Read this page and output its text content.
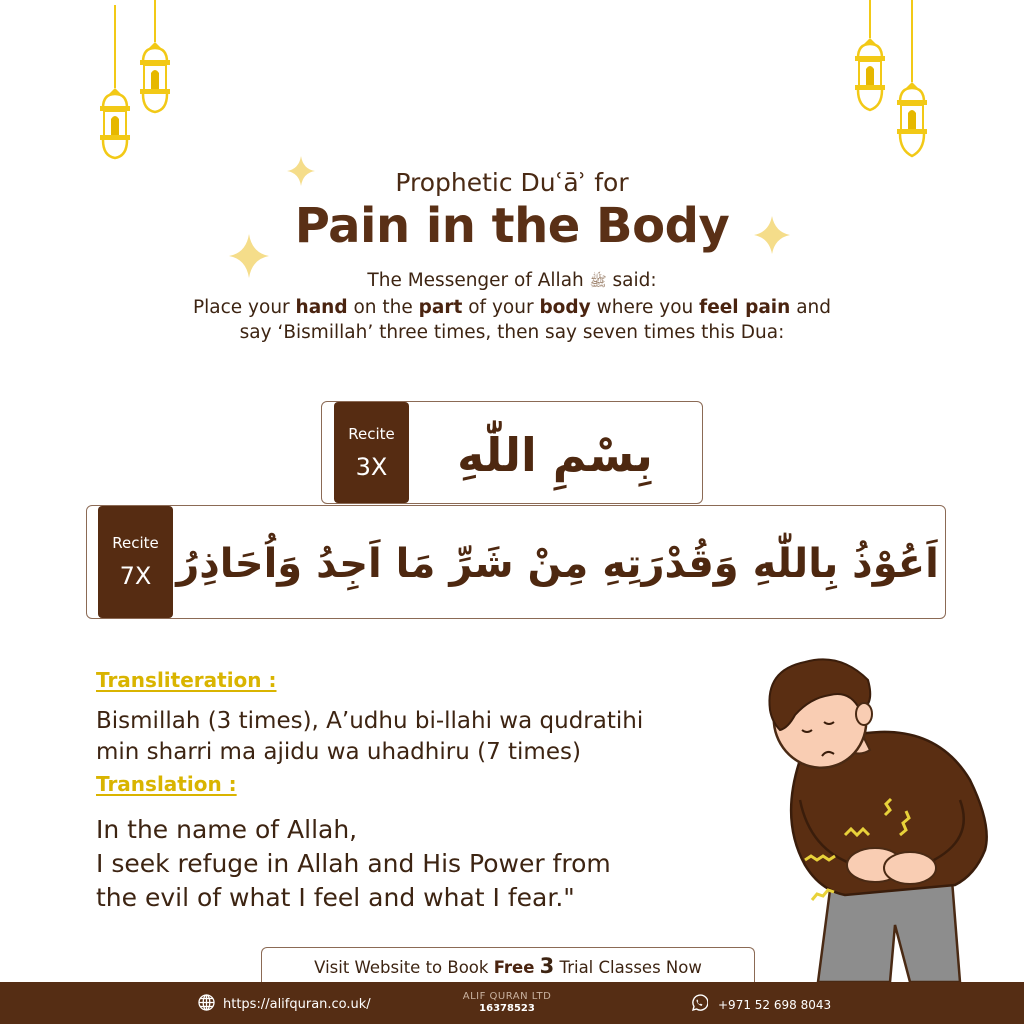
Prophetic Duʿāʾ for
Pain in the Body
The Messenger of Allah ﷺ said:
Place your hand on the part of your body where you feel pain and
say ‘Bismillah’ three times, then say seven times this Dua:
Recite
3X	بِسْمِ اللّٰهِ
Recite
7X اَعُوْذُ بِاللّٰهِ وَقُدْرَتِهِ مِنْ شَرِّ مَا اَجِدُ وَاُحَاذِرُ
Transliteration :
Bismillah (3 times), A’udhu bi-llahi wa qudratihi
min sharri ma ajidu wa uhadhiru (7 times)
Translation :
In the name of Allah,
I seek refuge in Allah and His Power from
the evil of what I feel and what I fear."
Visit Website to Book Free 3 Trial Classes Now
https://alifquran.co.uk/
ALIF QURAN LTD
16378523	+971 52 698 8043
